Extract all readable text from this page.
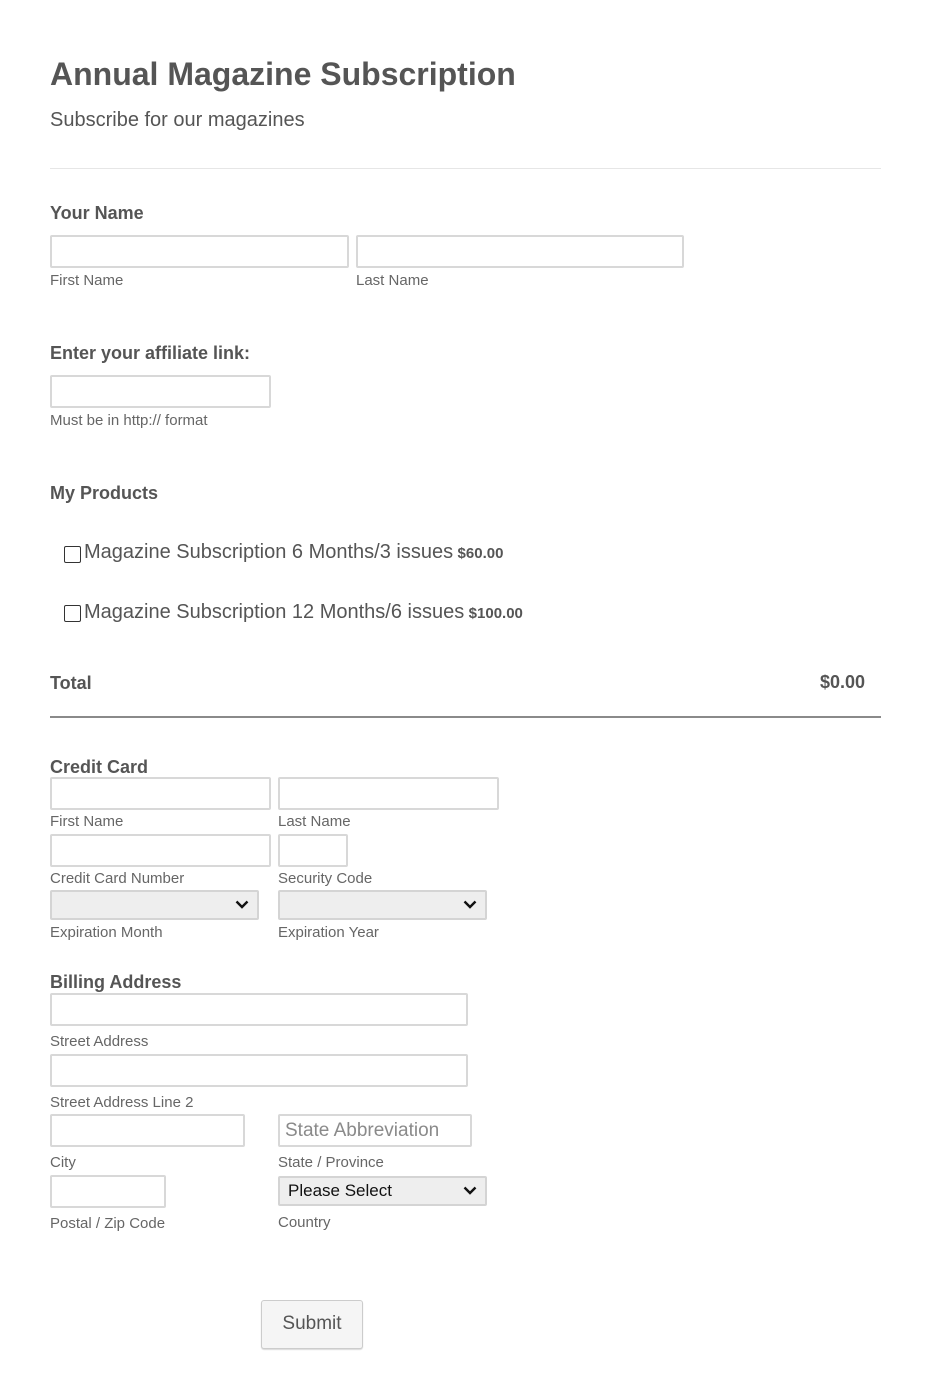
Annual Magazine Subscription
Subscribe for our magazines
Your Name
First Name	Last Name
Enter your affiliate link:
Must be in http:// format
My Products
Magazine Subscription 6 Months/3 issues $60.00
Magazine Subscription 12 Months/6 issues $100.00
Total	$0.00
Credit Card
First Name	Last Name
Credit Card Number	Security Code
Expiration Month	Expiration Year
Billing Address
Street Address
Street Address Line 2
State Abbreviation
City	State / Province
Please Select
Postal / Zip Code	Country
Submit
